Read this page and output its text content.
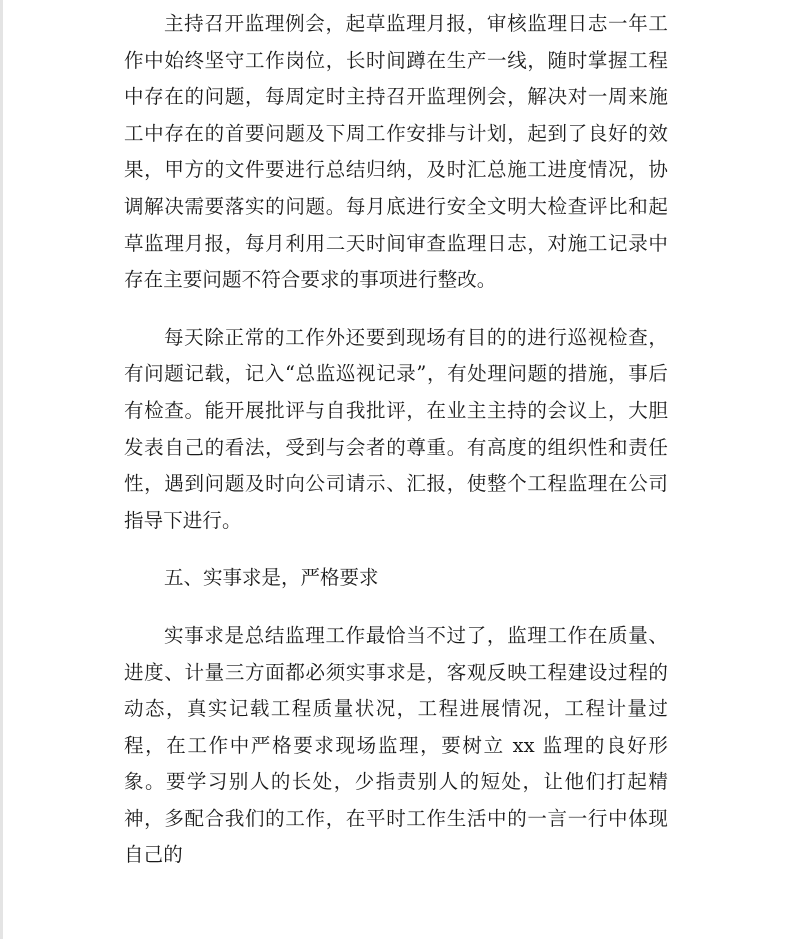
主持召开监理例会，起草监理月报，审核监理日志一年工作中始终坚守工作岗位，长时间蹲在生产一线，随时掌握工程中存在的问题，每周定时主持召开监理例会，解决对一周来施工中存在的首要问题及下周工作安排与计划，起到了良好的效果，甲方的文件要进行总结归纳，及时汇总施工进度情况，协调解决需要落实的问题。每月底进行安全文明大检查评比和起草监理月报，每月利用二天时间审查监理日志，对施工记录中存在主要问题不符合要求的事项进行整改。

每天除正常的工作外还要到现场有目的的进行巡视检查，有问题记载，记入“总监巡视记录”，有处理问题的措施，事后有检查。能开展批评与自我批评，在业主主持的会议上，大胆发表自己的看法，受到与会者的尊重。有高度的组织性和责任性，遇到问题及时向公司请示、汇报，使整个工程监理在公司指导下进行。

五、实事求是，严格要求

实事求是总结监理工作最恰当不过了，监理工作在质量、进度、计量三方面都必须实事求是，客观反映工程建设过程的动态，真实记载工程质量状况，工程进展情况，工程计量过程，在工作中严格要求现场监理，要树立 xx 监理的良好形象。要学习别人的长处，少指责别人的短处，让他们打起精神，多配合我们的工作，在平时工作生活中的一言一行中体现自己的
